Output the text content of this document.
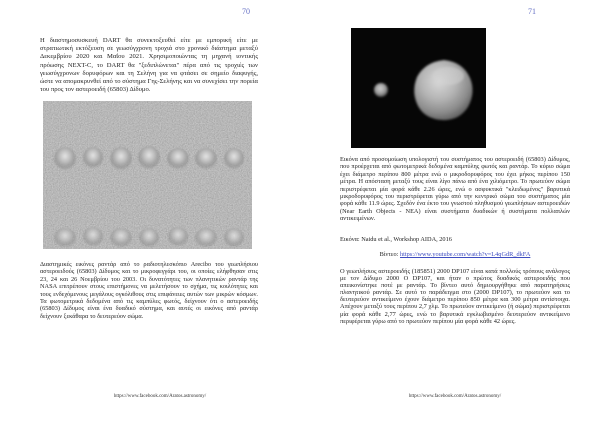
70	71
Η διαστημοσυσκευή DART θα συνεκτοξευθεί είτε με εμπορική είτε με στρατιωτική εκτόξευση σε γεωσύγχρονη τροχιά στο χρονικό διάστημα μεταξύ Δεκεμβρίου 2020 και Μαΐου 2021. Χρησιμοποιώντας τη μηχανή ιοντικής πρόωσης NEXT-C, το DART θα "ξεδιπλώνεται" πέρα από τις τροχιές των γεωσύγχρονων δορυφόρων και τη Σελήνη για να φτάσει σε σημείο διαφυγής, ώστε να απομακρυνθεί από το σύστημα Γης-Σελήνης και να συνεχίσει την πορεία του προς τον αστεροειδή (65803) Δίδυμο.
Διαστημικές εικόνες ραντάρ από το ραδιοτηλεσκόπιο Arecibo του γεωπλήσιου αστεροειδούς (65803) Δίδυμος και το μικροφεγγάρι του, οι οποίες ελήφθησαν στις 23, 24 και 26 Νοεμβρίου του 2003. Οι δυνατότητες των πλανητικών ραντάρ της NASA επιτρέπουν στους επιστήμονες να μελετήσουν το σχήμα, τις κοιλότητες και τους ενδεχόμενους μεγάλους ογκόλιθους στις επιφάνειες αυτών των μικρών κόσμων. Τα φωτομετρικά δεδομένα από τις καμπύλες φωτός, δείχνουν ότι ο αστεροειδής (65803) Δίδυμος είναι ένα δυαδικό σύστημα, και αυτές οι εικόνες από ραντάρ δείχνουν ξεκάθαρα το δευτερεύον σώμα.
https://www.facebook.com/Aratos.astronomy/
Εικόνα από προσομοίωση υπολογιστή του συστήματος του αστεροειδή (65803) Δίδυμος, που προέρχεται από φωτομετρικά δεδομένα καμπύλης φωτός και ραντάρ. Το κύριο σώμα έχει διάμετρο περίπου 800 μέτρα ενώ ο μικροδορυφόρος του έχει μήκος περίπου 150 μέτρα. Η απόσταση μεταξύ τους είναι λίγο πάνω από ένα χιλιόμετρο. Το πρωτεύον σώμα περιστρέφεται μία φορά κάθε 2.26 ώρες, ενώ ο ασφυκτικά "κλειδωμένος" βαρυτικά μικροδορυφόρος του περιστρέφεται γύρω από την κεντρικό σώμα του συστήματος μία φορά κάθε 11.9 ώρες. Σχεδόν ένα έκτο του γνωστού πληθυσμού γεωπλήσιων αστεροειδών (Near Earth Objects - NEA) είναι συστήματα δυαδικών ή συστήματα πολλαπλών αντικειμένων.
Εικόνα: Naidu et al., Workshop AIDA, 2016
Βίντεο: https://www.youtube.com/watch?v=L4qGdR_dkFA
Ο γεωπλήσιος αστεροειδής (185851) 2000 DP107 είναι κατά πολλούς τρόπους ανάλογος με τον Δίδυμο 2000 Ο DP107, και ήταν ο πρώτος δυαδικός αστεροειδής που απεικονίστηκε ποτέ με ραντάρ. Το βίντεο αυτό δημιουργήθηκε από παρατηρήσεις πλανητικού ραντάρ. Σε αυτό το παράδειγμα στο (2000 DP107), το πρωτεύον και το δευτερεύον αντικείμενο έχουν διάμετρο περίπου 850 μέτρα και 300 μέτρα αντίστοιχα. Απέχουν μεταξύ τους περίπου 2,7 χλμ. Το πρωτεύον αντικείμενο (ή σώμα) περιστρέφεται μία φορά κάθε 2,77 ώρες, ενώ το βαρυτικά εγκλωβισμένο δευτερεύον αντικείμενο περιφέρεται γύρω από το πρωτεύον περίπου μία φορά κάθε 42 ώρες.
https://www.facebook.com/Aratos.astronomy/
